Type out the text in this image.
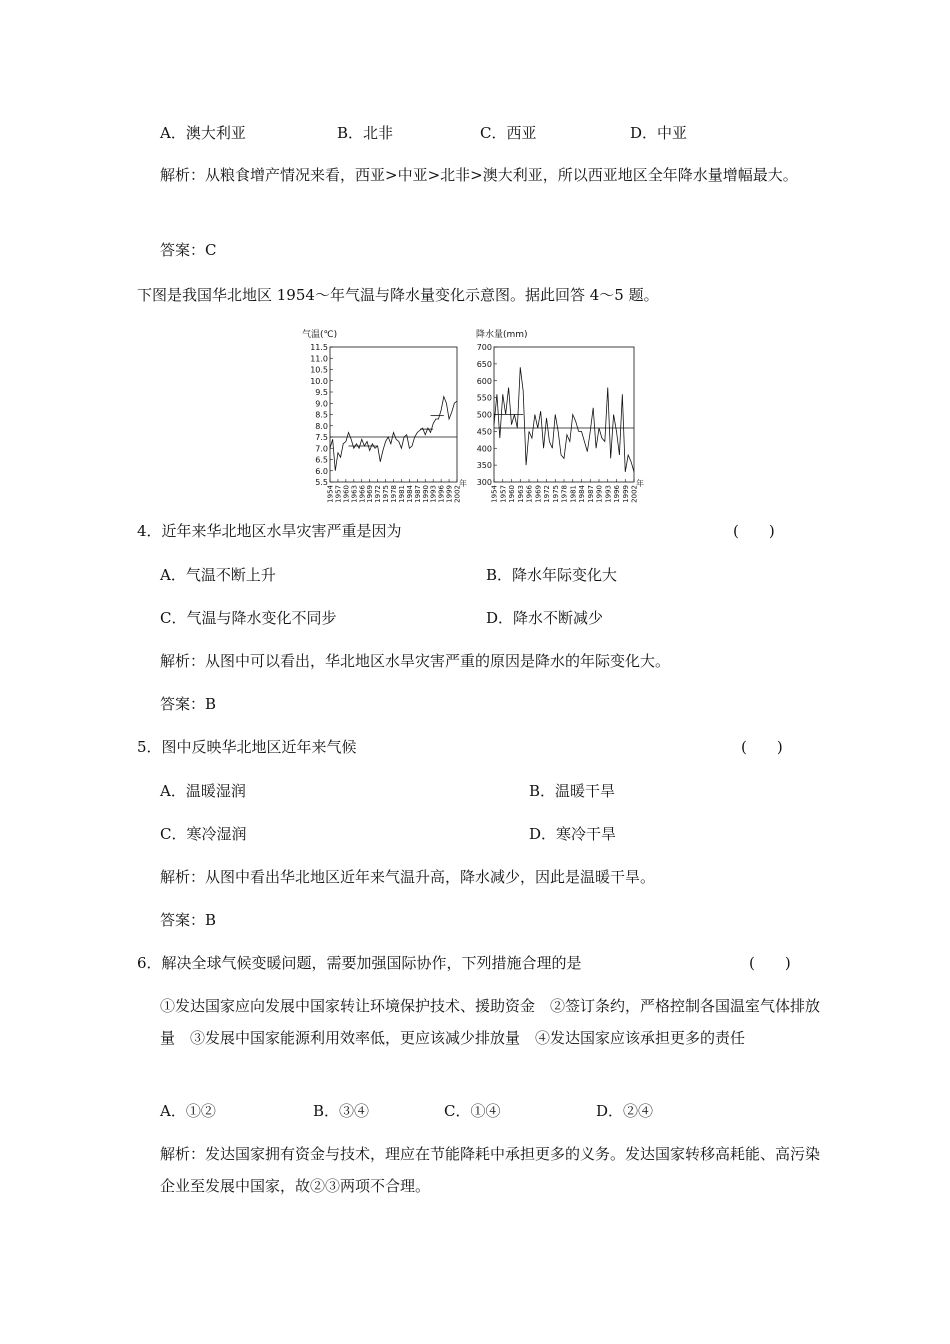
A．澳大利亚	B．北非	C．西亚	D．中亚
解析：从粮食增产情况来看，西亚>中亚>北非>澳大利亚，所以西亚地区全年降水量增幅最大。
答案：C
下图是我国华北地区 1954～年气温与降水量变化示意图。据此回答 4～5 题。
气温(℃)
11.5
11.0
10.5
10.0
9.5
9.0
8.5
8.0
7.5
7.0
6.5
6.0
5.5
1954 1957 1960 1963 1966 1969 1972 1975 1978 1981 1984 1987 1990 1993 1996 1999 2002
年
降水量(mm)
700
650
600
550
500
450
400
350
300
1954 1957 1960 1963 1966 1969 1972 1975 1978 1981 1984 1987 1990 1993 1996 1999 2002
年
4．近年来华北地区水旱灾害严重是因为	(　　)
A．气温不断上升	B．降水年际变化大
C．气温与降水变化不同步	D．降水不断减少
解析：从图中可以看出，华北地区水旱灾害严重的原因是降水的年际变化大。
答案：B
5．图中反映华北地区近年来气候	(　　)
A．温暖湿润	B．温暖干旱
C．寒冷湿润	D．寒冷干旱
解析：从图中看出华北地区近年来气温升高，降水减少，因此是温暖干旱。
答案：B
6．解决全球气候变暖问题，需要加强国际协作，下列措施合理的是	(　　)
①发达国家应向发展中国家转让环境保护技术、援助资金　②签订条约，严格控制各国温室气体排放量　③发展中国家能源利用效率低，更应该减少排放量　④发达国家应该承担更多的责任
A．①②	B．③④	C．①④	D．②④
解析：发达国家拥有资金与技术，理应在节能降耗中承担更多的义务。发达国家转移高耗能、高污染企业至发展中国家，故②③两项不合理。
